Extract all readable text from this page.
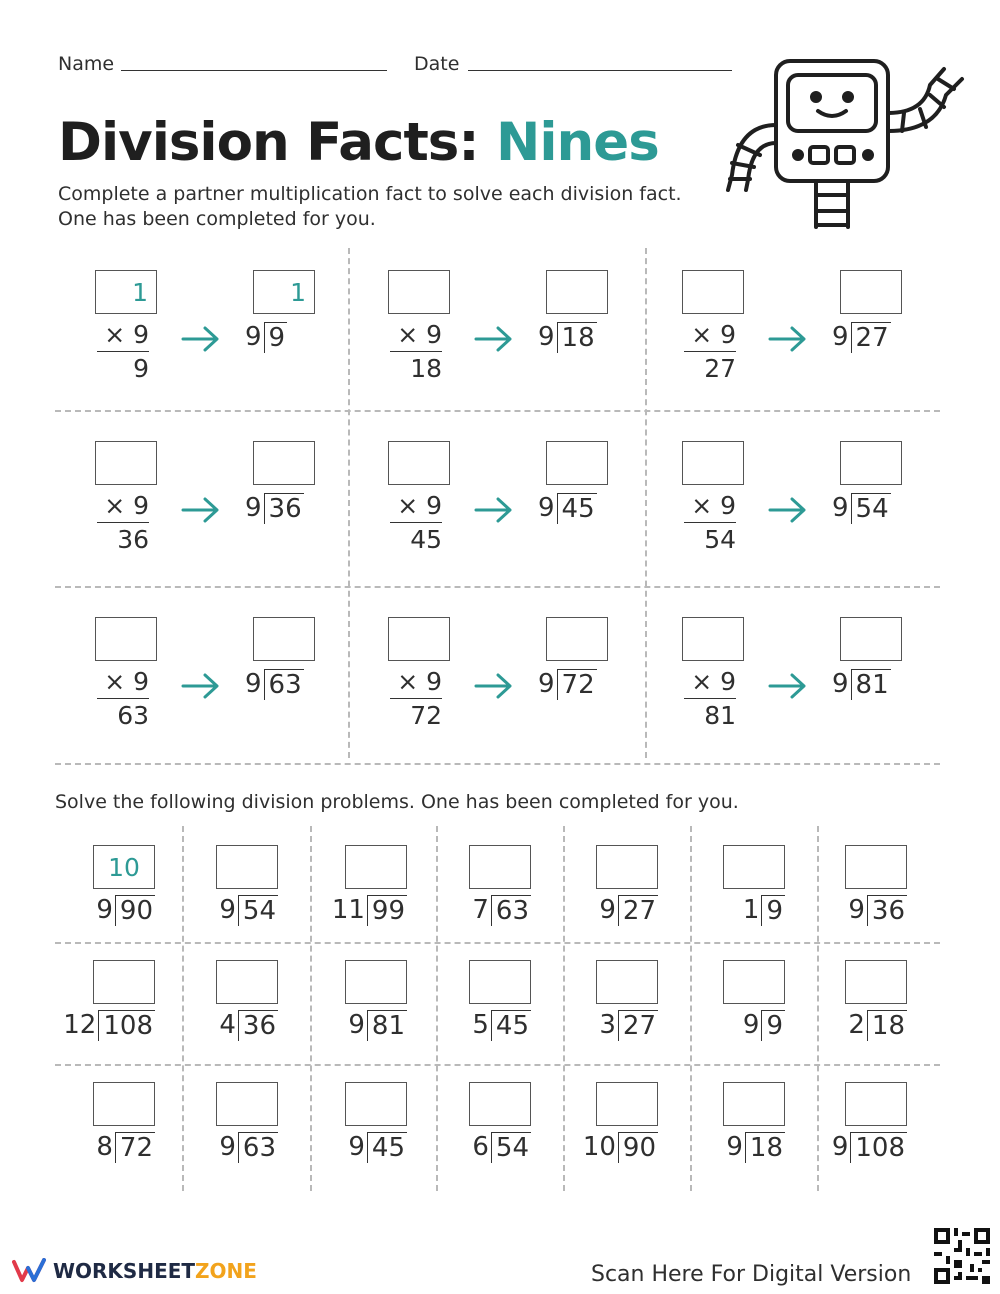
Name	Date
Division Facts: Nines
Complete a partner multiplication fact to solve each division fact.
One has been completed for you.
1
× 9
9
1
9 9	× 9
18
9 18	× 9
27
9 27
× 9
36
9 36	× 9
45
9 45	× 9
54
9 54
× 9
63
9 63	× 9
72
9 72	× 9
81
9 81
Solve the following division problems. One has been completed for you.
10
9 90	9 54 11 99	7 63	9 27	1 9	9 36
12 108	4 36	9 81	5 45	3 27	9 9	2 18
8 72	9 63	9 45	6 54 10 90	9 18 9 108
WORKSHEETZONE	Scan Here For Digital Version
